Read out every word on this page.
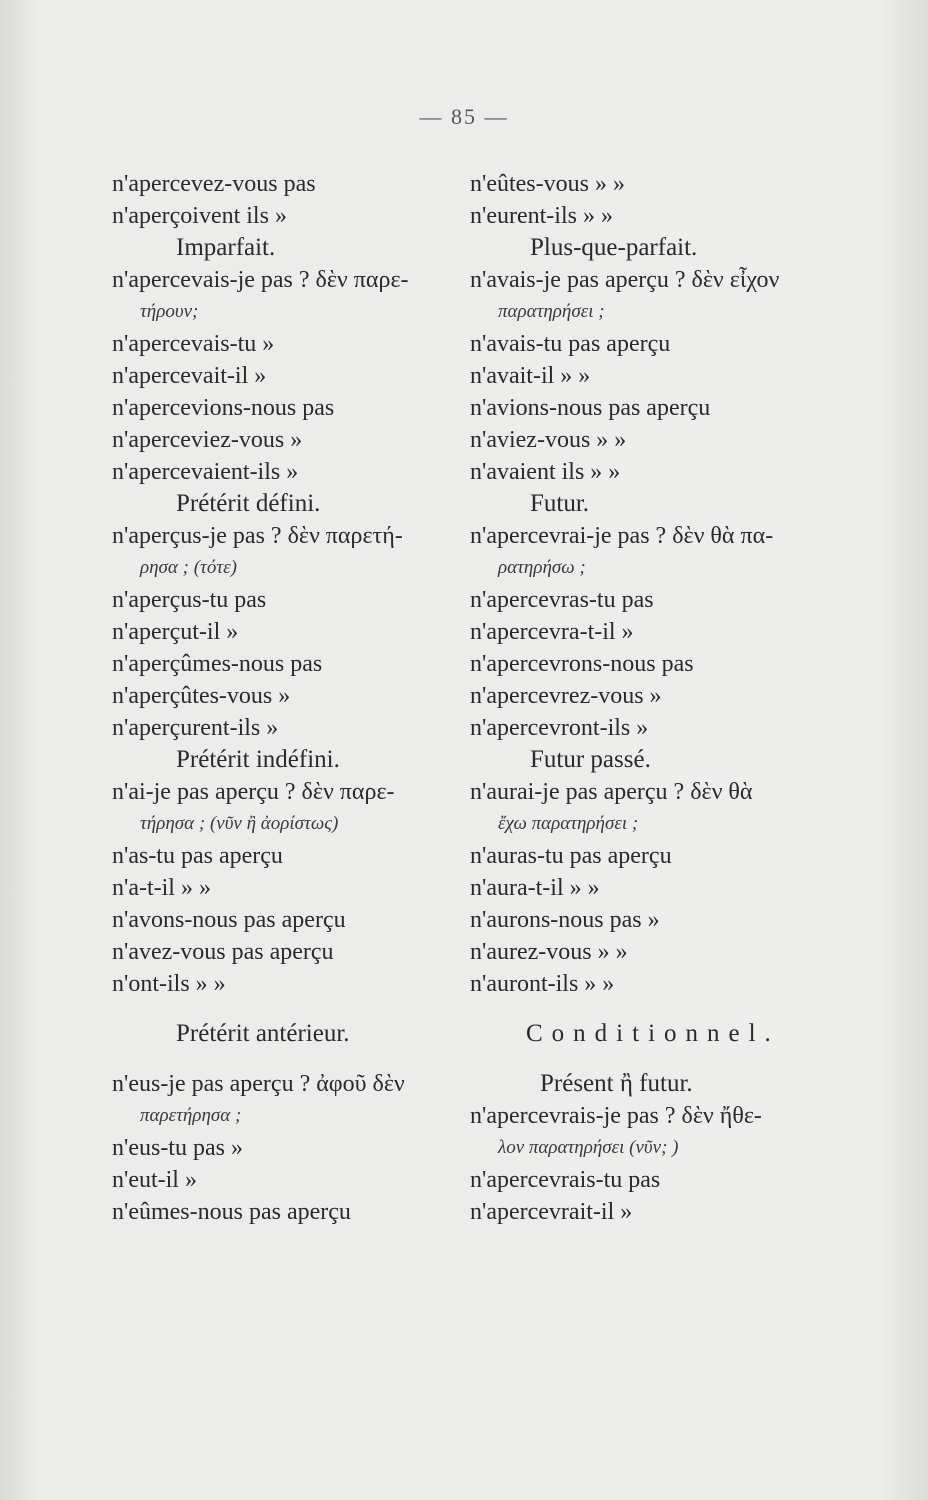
— 85 —
n'apercevez-vous pas
n'aperçoivent ils »
Imparfait.
n'apercevais-je pas ? δὲν παρε-
τήρουν;
n'apercevais-tu »
n'apercevait-il »
n'apercevions-nous pas
n'aperceviez-vous »
n'apercevaient-ils »
Prétérit défini.
n'aperçus-je pas ? δὲν παρετή-
ρησα ; (τότε)
n'aperçus-tu pas
n'aperçut-il »
n'aperçûmes-nous pas
n'aperçûtes-vous »
n'aperçurent-ils »
Prétérit indéfini.
n'ai-je pas aperçu ? δὲν παρε-
τήρησα ; (νῦν ἢ ἀορίστως)
n'as-tu pas aperçu
n'a-t-il » »
n'avons-nous pas aperçu
n'avez-vous pas aperçu
n'ont-ils » »
Prétérit antérieur.
n'eus-je pas aperçu ? ἀφοῦ δὲν
παρετήρησα ;
n'eus-tu pas »
n'eut-il »
n'eûmes-nous pas aperçu
n'eûtes-vous » »
n'eurent-ils » »
Plus-que-parfait.
n'avais-je pas aperçu ? δὲν εἶχον
παρατηρήσει ;
n'avais-tu pas aperçu
n'avait-il » »
n'avions-nous pas aperçu
n'aviez-vous » »
n'avaient ils » »
Futur.
n'apercevrai-je pas ? δὲν θὰ πα-
ρατηρήσω ;
n'apercevras-tu pas
n'apercevra-t-il »
n'apercevrons-nous pas
n'apercevrez-vous »
n'apercevront-ils »
Futur passé.
n'aurai-je pas aperçu ? δὲν θὰ
ἔχω παρατηρήσει ;
n'auras-tu pas aperçu
n'aura-t-il » »
n'aurons-nous pas »
n'aurez-vous » »
n'auront-ils » »
Conditionnel.
Présent ἢ futur.
n'apercevrais-je pas ? δὲν ἤθε-
λον παρατηρήσει (νῦν; )
n'apercevrais-tu pas
n'apercevrait-il »
